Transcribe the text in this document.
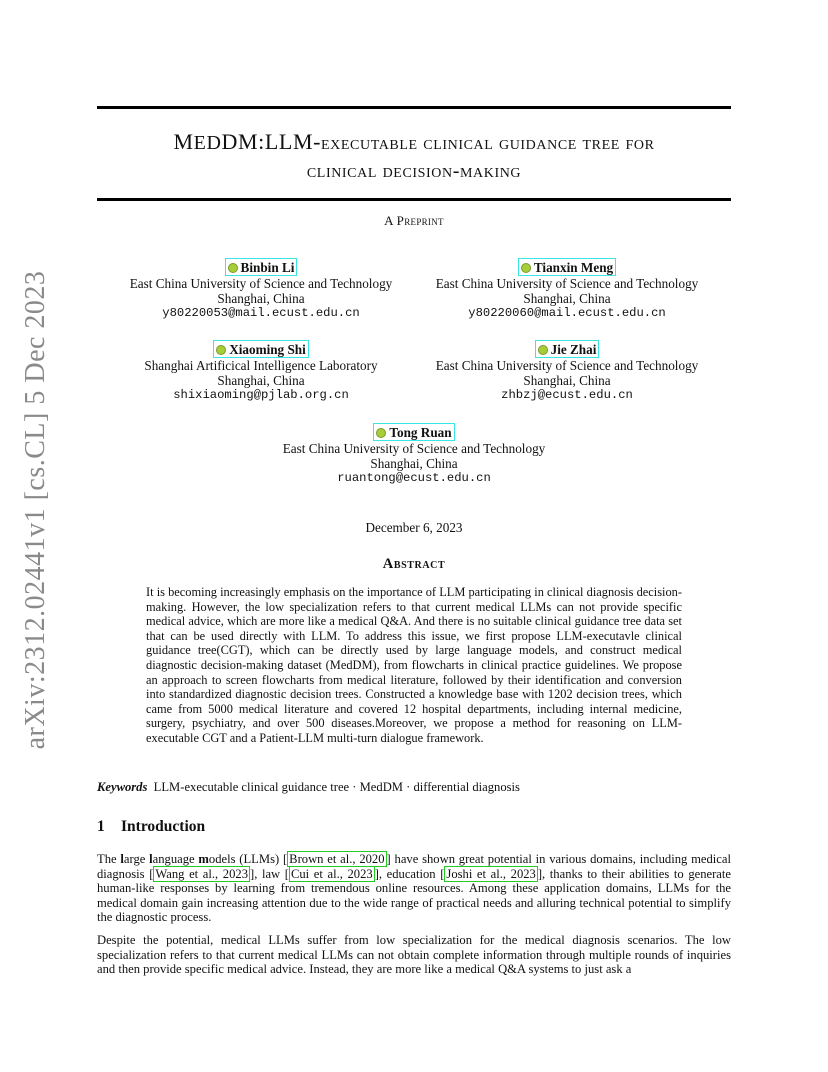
arXiv:2312.02441v1 [cs.CL] 5 Dec 2023
MEDDM:LLM-executable clinical guidance tree for
clinical decision-making
A Preprint
Binbin Li
East China University of Science and Technology
Shanghai, China
y80220053@mail.ecust.edu.cn
Tianxin Meng
East China University of Science and Technology
Shanghai, China
y80220060@mail.ecust.edu.cn
Xiaoming Shi
Shanghai Artificical Intelligence Laboratory
Shanghai, China
shixiaoming@pjlab.org.cn
Jie Zhai
East China University of Science and Technology
Shanghai, China
zhbzj@ecust.edu.cn
Tong Ruan
East China University of Science and Technology
Shanghai, China
ruantong@ecust.edu.cn
December 6, 2023
Abstract
It is becoming increasingly emphasis on the importance of LLM participating in clinical diagnosis decision-making. However, the low specialization refers to that current medical LLMs can not provide specific medical advice, which are more like a medical Q&A. And there is no suitable clinical guidance tree data set that can be used directly with LLM. To address this issue, we first propose LLM-executavle clinical guidance tree(CGT), which can be directly used by large language models, and construct medical diagnostic decision-making dataset (MedDM), from flowcharts in clinical practice guidelines. We propose an approach to screen flowcharts from medical literature, followed by their identification and conversion into standardized diagnostic decision trees. Constructed a knowledge base with 1202 decision trees, which came from 5000 medical literature and covered 12 hospital departments, including internal medicine, surgery, psychiatry, and over 500 diseases.Moreover, we propose a method for reasoning on LLM-executable CGT and a Patient-LLM multi-turn dialogue framework.
Keywords LLM-executable clinical guidance tree · MedDM · differential diagnosis
1 Introduction
The large language models (LLMs) [ Brown et al., 2020 ] have shown great potential in various domains, including medical diagnosis [ Wang et al., 2023 ], law [ Cui et al., 2023 ], education [ Joshi et al., 2023 ], thanks to their abilities to generate human-like responses by learning from tremendous online resources. Among these application domains, LLMs for the medical domain gain increasing attention due to the wide range of practical needs and alluring technical potential to simplify the diagnostic process.
Despite the potential, medical LLMs suffer from low specialization for the medical diagnosis scenarios. The low specialization refers to that current medical LLMs can not obtain complete information through multiple rounds of inquiries and then provide specific medical advice. Instead, they are more like a medical Q&A systems to just ask a
